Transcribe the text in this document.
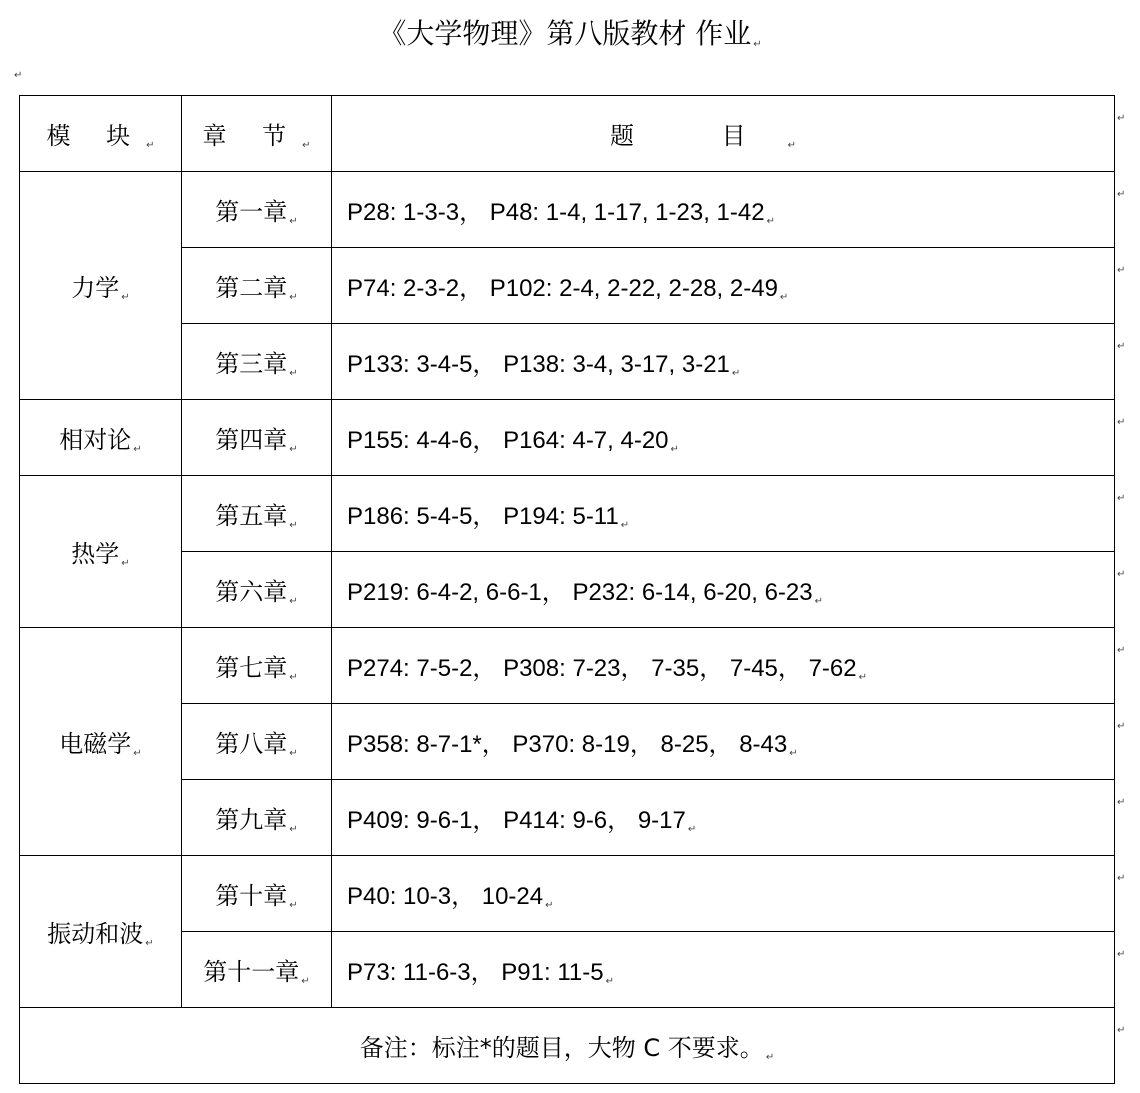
《大学物理》第八版教材 作业 ↵
↵
模 块 ↵	章 节 ↵	题 目 ↵
力学 ↵	第一章 ↵	P28: 1-3-3， P48: 1-4, 1-17, 1-23, 1-42 ↵
	第二章 ↵	P74: 2-3-2， P102: 2-4, 2-22, 2-28, 2-49 ↵
	第三章 ↵	P133: 3-4-5， P138: 3-4, 3-17, 3-21 ↵
相对论 ↵	第四章 ↵	P155: 4-4-6， P164: 4-7, 4-20 ↵
热学 ↵	第五章 ↵	P186: 5-4-5， P194: 5-11 ↵
	第六章 ↵	P219: 6-4-2, 6-6-1， P232: 6-14, 6-20, 6-23 ↵
电磁学 ↵	第七章 ↵	P274: 7-5-2， P308: 7-23， 7-35， 7-45， 7-62 ↵
	第八章 ↵	P358: 8-7-1*， P370: 8-19， 8-25， 8-43 ↵
	第九章 ↵	P409: 9-6-1， P414: 9-6， 9-17 ↵
振动和波 ↵	第十章 ↵	P40: 10-3， 10-24 ↵
	第十一章 ↵	P73: 11-6-3， P91: 11-5 ↵
备注：标注*的题目，大物 C 不要求。 ↵		
↵
↵
↵
↵
↵
↵
↵
↵
↵
↵
↵
↵
↵
